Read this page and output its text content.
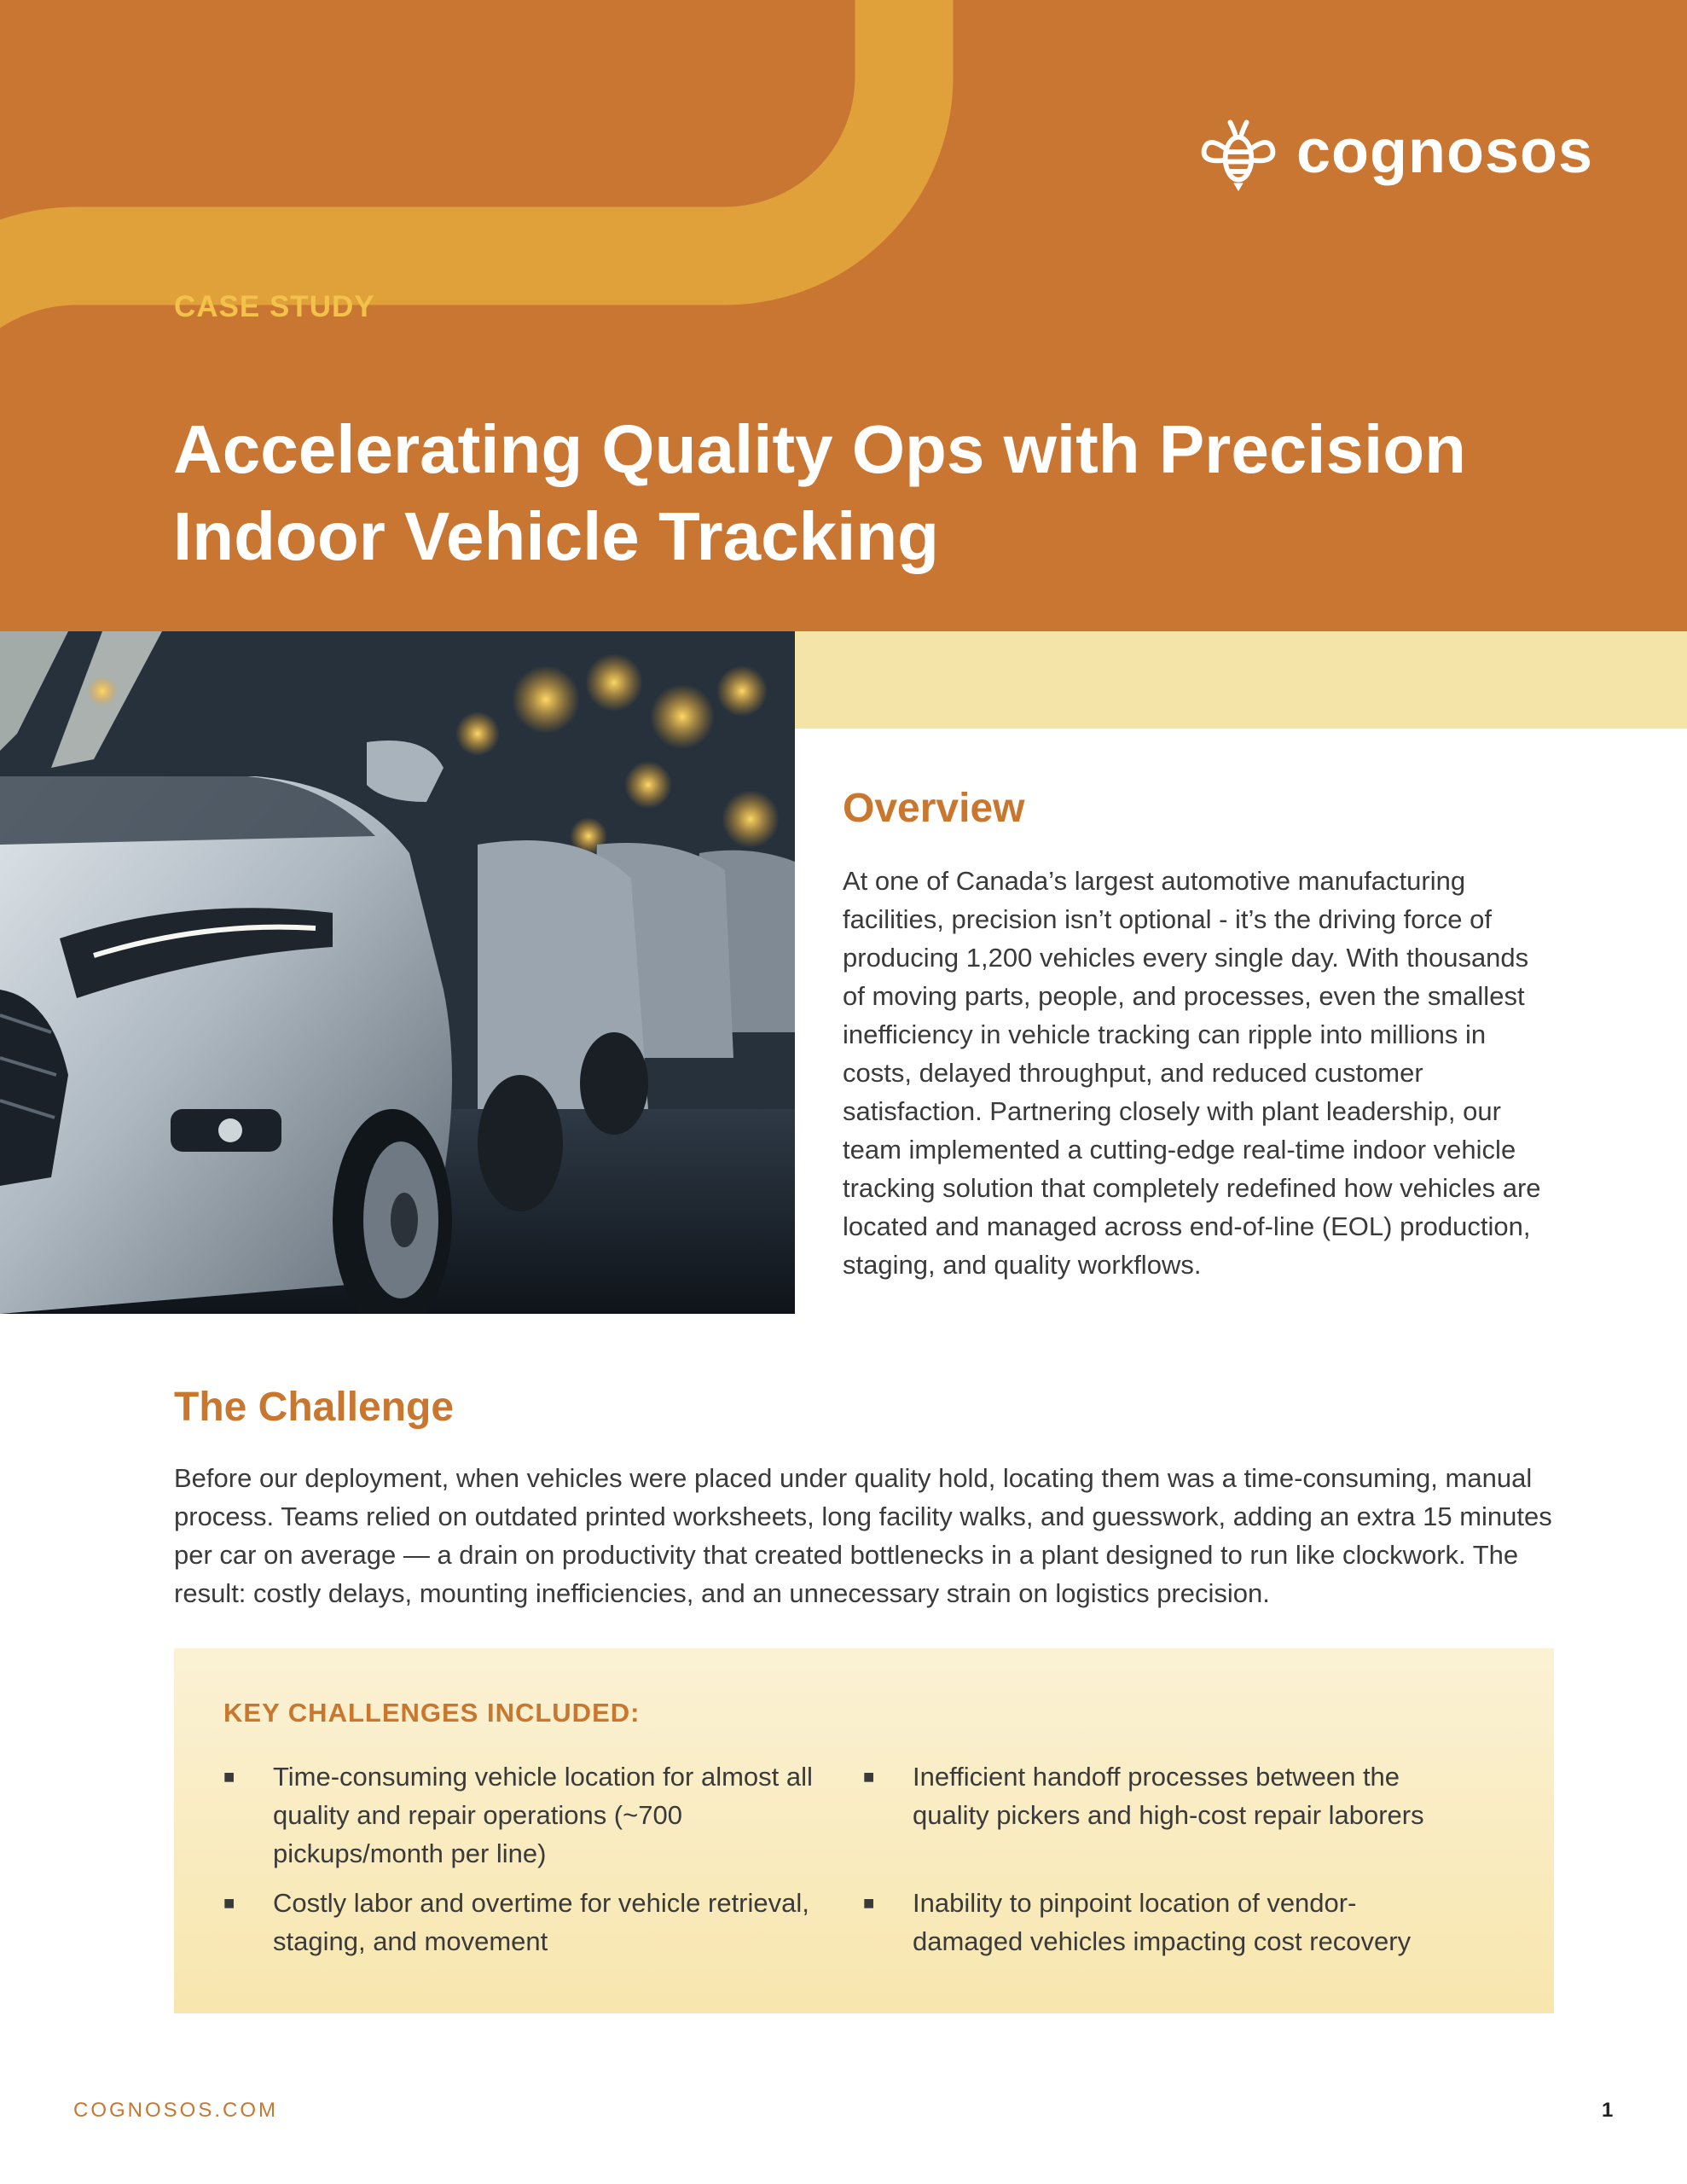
cognosos
CASE STUDY
Accelerating Quality Ops with Precision Indoor Vehicle Tracking
Overview

At one of Canada’s largest automotive manufacturing facilities, precision isn’t optional - it’s the driving force of producing 1,200 vehicles every single day. With thousands of moving parts, people, and processes, even the smallest inefficiency in vehicle tracking can ripple into millions in costs, delayed throughput, and reduced customer satisfaction. Partnering closely with plant leadership, our team implemented a cutting-edge real-time indoor vehicle tracking solution that completely redefined how vehicles are located and managed across end-of-line (EOL) production, staging, and quality workflows.

The Challenge

Before our deployment, when vehicles were placed under quality hold, locating them was a time-consuming, manual process. Teams relied on outdated printed worksheets, long facility walks, and guesswork, adding an extra 15 minutes per car on average — a drain on productivity that created bottlenecks in a plant designed to run like clockwork. The result: costly delays, mounting inefficiencies, and an unnecessary strain on logistics precision.

KEY CHALLENGES INCLUDED:
■ Time-consuming vehicle location for almost all quality and repair operations (~700 pickups/month per line)
■ Costly labor and overtime for vehicle retrieval, staging, and movement
■ Inefficient handoff processes between the quality pickers and high-cost repair laborers
■ Inability to pinpoint location of vendor-damaged vehicles impacting cost recovery
COGNOSOS.COM	1
